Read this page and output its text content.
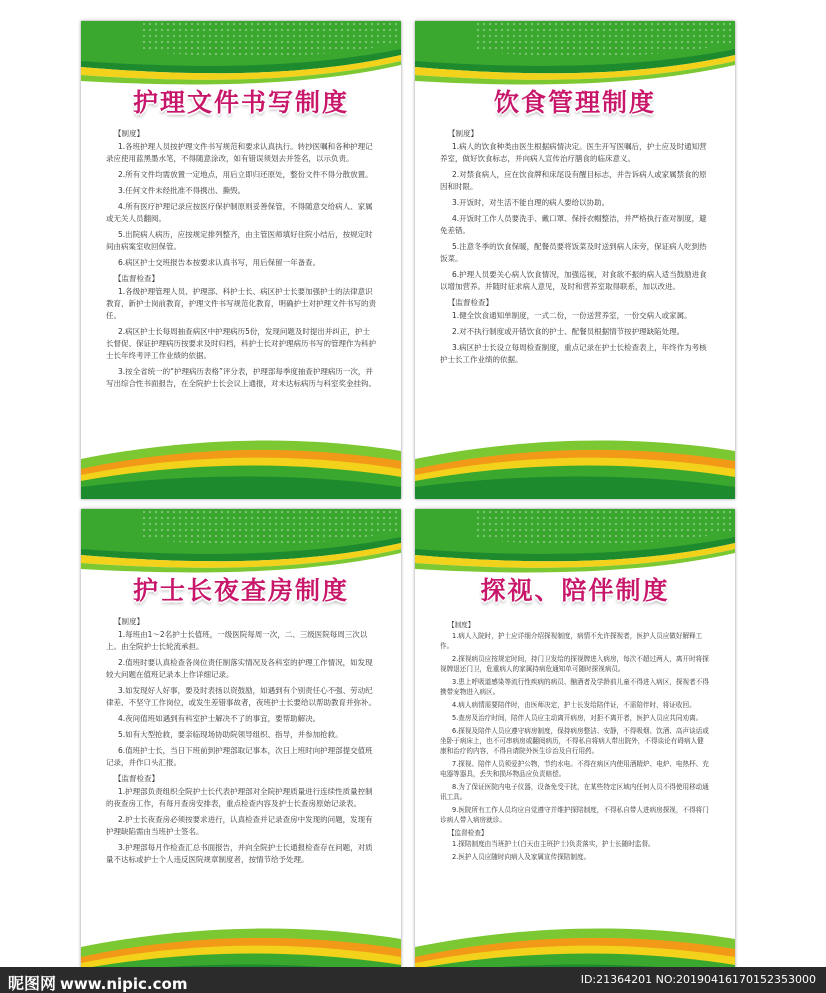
护理文件书写制度
【制度】
1.各班护理人员按护理文件书写规范和要求认真执行。转抄医嘱和各种护理记录应使用蓝黑墨水笔，不得随意涂改，如有错误须划去并签名，以示负责。
2.所有文件均需放置一定地点，用后立即归还原处，整份文件不得分散放置。
3.任何文件未经批准不得携出、撕毁。
4.所有医疗护理记录应按医疗保护制原则妥善保管，不得随意交给病人、家属或无关人员翻阅。
5.出院病人病历，应按规定排列整齐，由主管医师填好住院小结后，按规定时间由病案室收回保管。
6.病区护士交班报告本按要求认真书写，用后保留一年备查。
【监督检查】
1.各级护理管理人员、护理部、科护士长、病区护士长要加强护士的法律意识教育，新护士岗前教育，护理文件书写规范化教育，明确护士对护理文件书写的责任。
2.病区护士长每周抽查病区中护理病历5份，发现问题及时提出并纠正，护士长督促、保证护理病历按要求及时归档，科护士长对护理病历书写的管理作为科护士长年终考评工作业绩的依据。
3.按全省统一的“护理病历表格”评分表，护理部每季度抽查护理病历一次，并写出综合性书面报告，在全院护士长会议上通报，对未达标病历与科室奖金挂钩。
饮食管理制度
【制度】
1.病人的饮食种类由医生根据病情决定。医生开写医嘱后，护士应及时通知营养室，做好饮食标志，并向病人宣传治疗膳食的临床意义。
2.对禁食病人，应在饮食牌和床尾设有醒目标志，并告诉病人或家属禁食的原因和时限。
3.开饭时，对生活不能自理的病人要给以协助。
4.开饭时工作人员要洗手、戴口罩、保持衣帽整洁，并严格执行查对制度，避免差错。
5.注意冬季的饮食保暖，配餐员要将饭菜及时送到病人床旁，保证病人吃到热饭菜。
6.护理人员要关心病人饮食情况，加强巡视，对食欲不振的病人适当鼓励进食以增加营养。并随时征求病人意见，及时和营养室取得联系，加以改进。
【监督检查】
1.健全饮食通知单制度，一式二份，一份送营养室，一份交病人或家属。
2.对不执行制度或开错饮食的护士、配餐员根据情节按护理缺陷处理。
3.病区护士长设立每周检查制度，重点记录在护士长检查表上，年终作为考核护士长工作业绩的依据。
护士长夜查房制度
【制度】
1.每班由1～2名护士长值班，一级医院每周一次，二、三级医院每周三次以上。由全院护士长轮流承担。
2.值班时要认真检查各岗位责任制落实情况及各科室的护理工作情况，如发现较大问题在值班记录本上作详细记录。
3.如发现好人好事，要及时表扬以资鼓励，如遇到有个别责任心不强、劳动纪律差、不坚守工作岗位，或发生差错事故者，夜班护士长要给以帮助教育并弥补。
4.夜间值班如遇到有科室护士解决不了的事宜，要帮助解决。
5.如有大型抢救，要亲临现场协助院领导组织、指导，并参加抢救。
6.值班护士长，当日下班前到护理部取记事本，次日上班时向护理部提交值班记录，并作口头汇报。
【监督检查】
1.护理部负责组织全院护士长代表护理部对全院护理质量进行连续性质量控制的夜查房工作，有每月查房安排表，重点检查内容及护士长查房原始记录表。
2.护士长夜查房必须按要求进行，认真检查并记录查房中发现的问题，发现有护理缺陷需由当班护士签名。
3.护理部每月作检查汇总书面报告，并向全院护士长通报检查存在问题，对质量不达标或护士个人违反医院规章制度者，按情节给予处理。
探视、陪伴制度
【制度】
1.病人入院时，护士应详细介绍探视制度，病情不允许探视者，医护人员应做好解释工作。
2.探视病员应按规定时间，持门卫发给的探视牌进入病房，每次不超过两人，离开时将探视牌退还门卫，危重病人的家属持病危通知单可随时探视病员。
3.患上呼吸道感染等流行性疾病的病员、酗酒者及学龄前儿童不得进入病区，探视者不得携带宠物进入病区。
4.病人病情需要陪伴时，由医师决定，护士长发给陪伴证，不需陪伴时，将证收回。
5.查房及治疗时间，陪伴人员应主动离开病房，对拒不离开者，医护人员应共同劝离。
6.探视及陪伴人员应遵守病房制度，保持病房整洁、安静，不得吸烟、饮酒、高声谈话或坐卧于病床上，也不可串病房或翻阅病历，不得私自将病人带出院外，不得谈论有碍病人健康和治疗的内容，不得自请院外医生诊治及自行用药。
7.探视、陪伴人员须爱护公物，节约水电。不得在病区内使用酒精炉、电炉、电热杯、充电器等器具，丢失和损坏物品应负责赔偿。
8.为了保证医院内电子仪器，设备免受干扰，在某些特定区域内任何人员不得使用移动通讯工具。
9.医院所有工作人员均应自觉遵守并维护探陪制度，不得私自带人进病房探视，不得将门诊病人带入病房就诊。
【监督检查】
1.探陪制度由当班护士(白天由主班护士)负责落实，护士长随时监督。
2.医护人员应随时向病人及家属宣传探陪制度。
昵图网 www.nipic.com	ID:21364201 NO:20190416170152353000
